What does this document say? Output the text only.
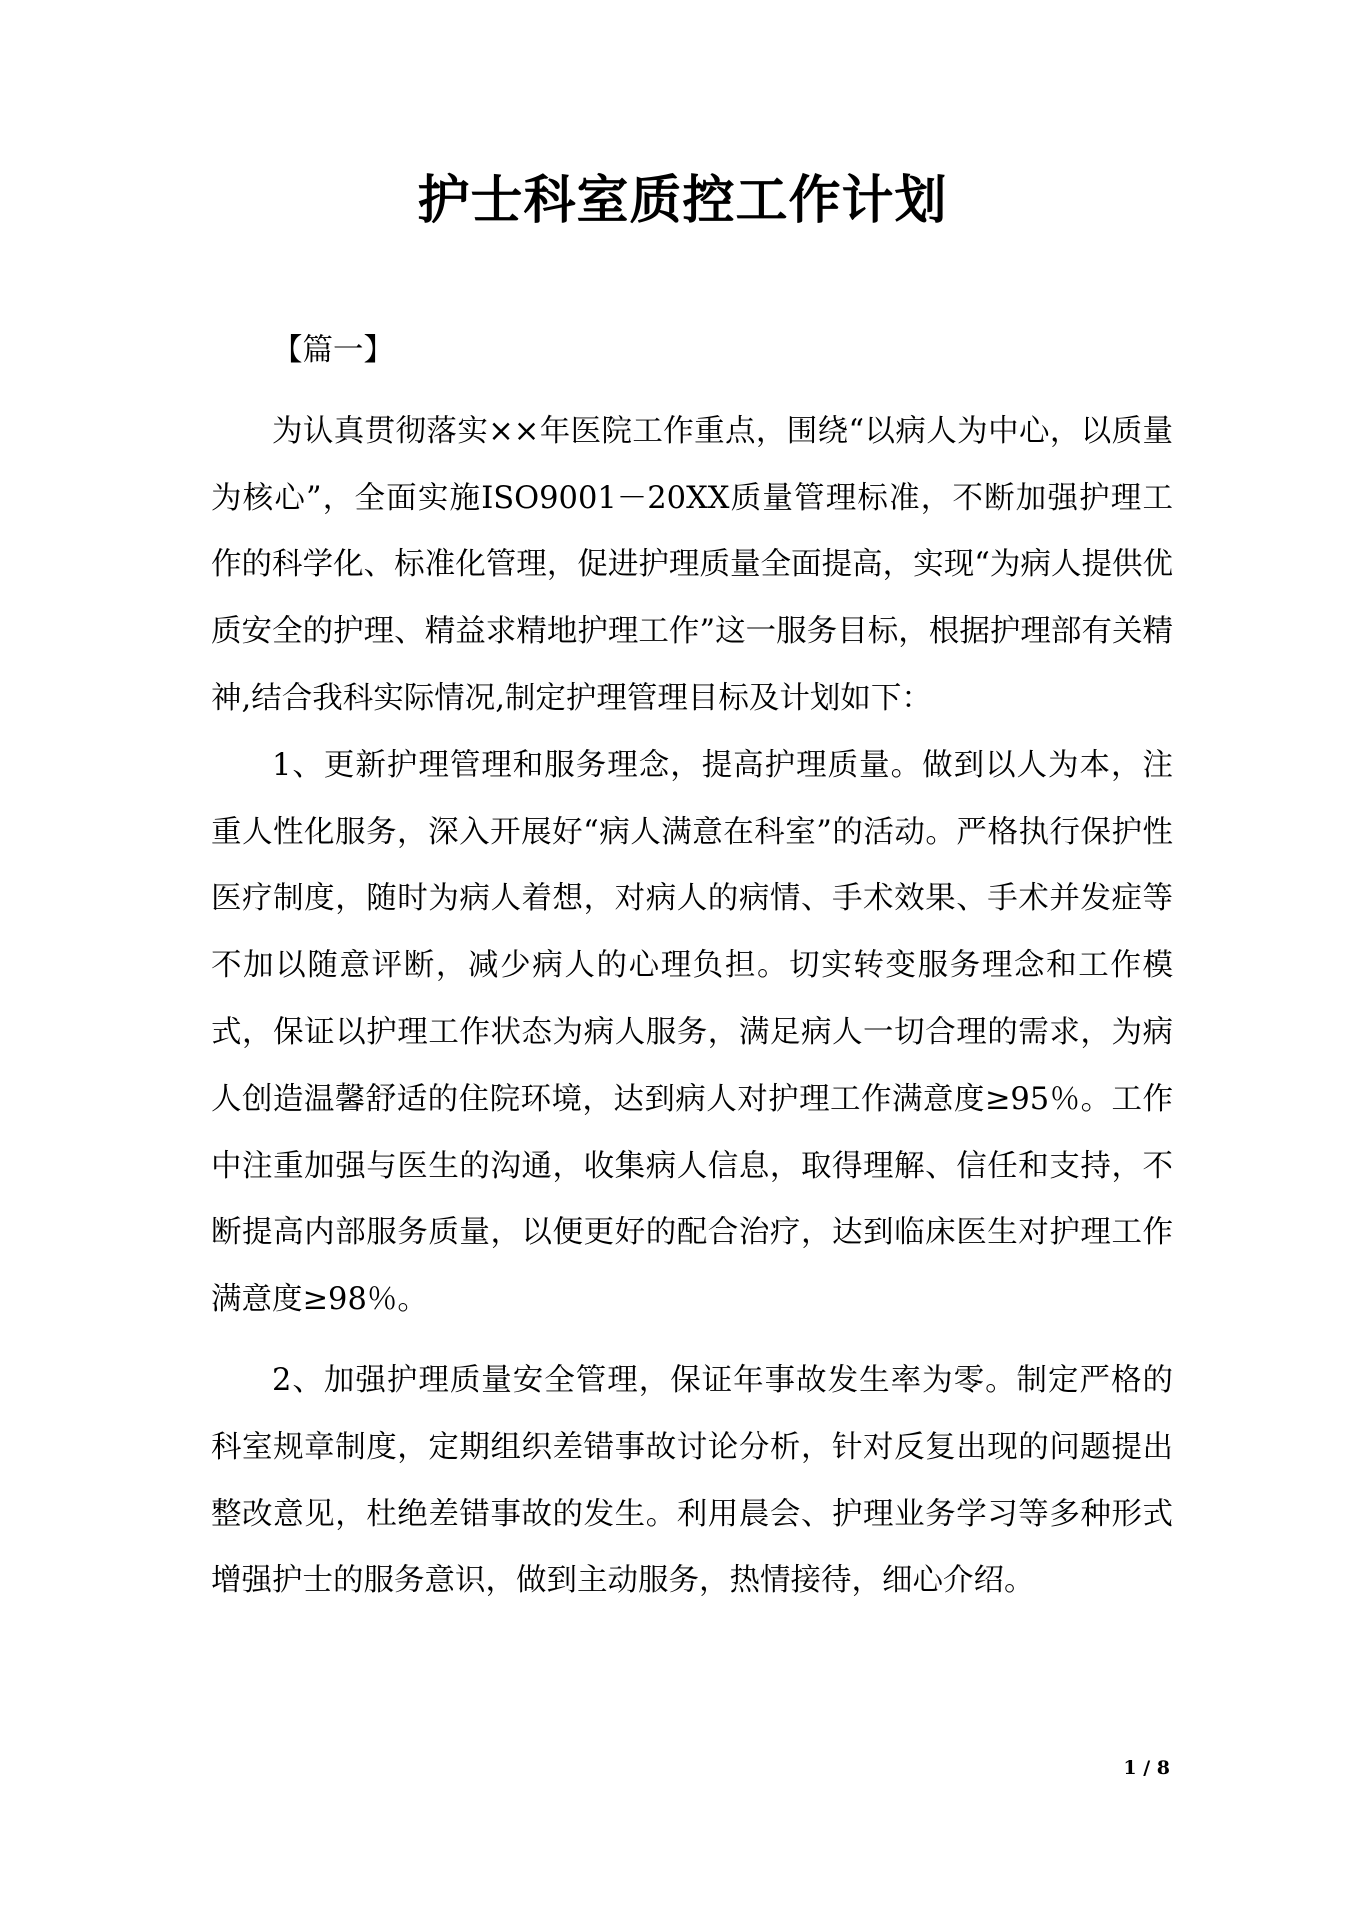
护士科室质控工作计划

【篇一】

为认真贯彻落实××年医院工作重点，围绕“以病人为中心，以质量为核心”，全面实施ISO9001－20XX质量管理标准，不断加强护理工作的科学化、标准化管理，促进护理质量全面提高，实现“为病人提供优质安全的护理、精益求精地护理工作”这一服务目标，根据护理部有关精神,结合我科实际情况,制定护理管理目标及计划如下：

1、更新护理管理和服务理念，提高护理质量。做到以人为本，注重人性化服务，深入开展好“病人满意在科室”的活动。严格执行保护性医疗制度，随时为病人着想，对病人的病情、手术效果、手术并发症等不加以随意评断，减少病人的心理负担。切实转变服务理念和工作模式，保证以护理工作状态为病人服务，满足病人一切合理的需求，为病人创造温馨舒适的住院环境，达到病人对护理工作满意度≥95％。工作中注重加强与医生的沟通，收集病人信息，取得理解、信任和支持，不断提高内部服务质量，以便更好的配合治疗，达到临床医生对护理工作满意度≥98％。

2、加强护理质量安全管理，保证年事故发生率为零。制定严格的科室规章制度，定期组织差错事故讨论分析，针对反复出现的问题提出整改意见，杜绝差错事故的发生。利用晨会、护理业务学习等多种形式增强护士的服务意识，做到主动服务，热情接待，细心介绍。

1 / 8
